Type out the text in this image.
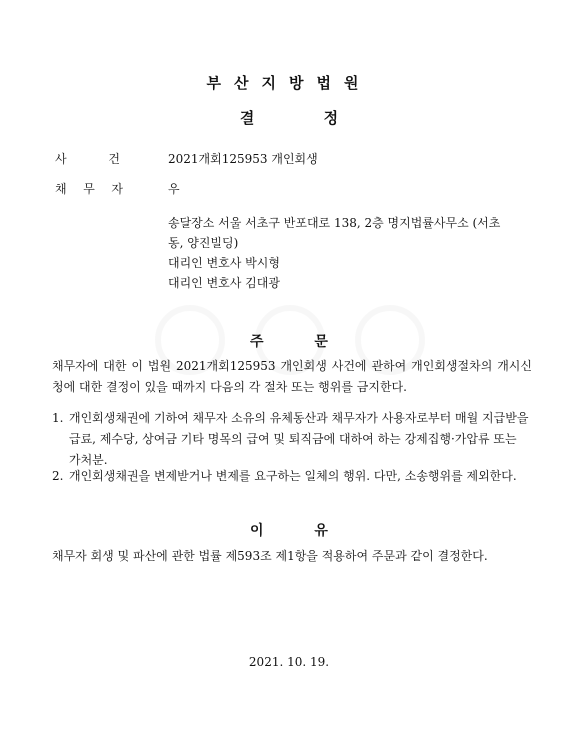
부산지방법원
결 정
사	건	2021개회125953 개인회생
채 무 자	우
송달장소 서울 서초구 반포대로 138, 2층 명지법률사무소 (서초
동, 양진빌딩)
대리인 변호사 박시형
대리인 변호사 김대광
주 문
채무자에 대한 이 법원 2021개회125953 개인회생 사건에 관하여 개인회생절차의 개시신청에 대한 결정이 있을 때까지 다음의 각 절차 또는 행위를 금지한다.
1. 개인회생채권에 기하여 채무자 소유의 유체동산과 채무자가 사용자로부터 매월 지급받을 급료, 제수당, 상여금 기타 명목의 급여 및 퇴직금에 대하여 하는 강제집행·가압류 또는 가처분.
2. 개인회생채권을 변제받거나 변제를 요구하는 일체의 행위. 다만, 소송행위를 제외한다.
이 유
채무자 회생 및 파산에 관한 법률 제593조 제1항을 적용하여 주문과 같이 결정한다.
2021. 10. 19.
